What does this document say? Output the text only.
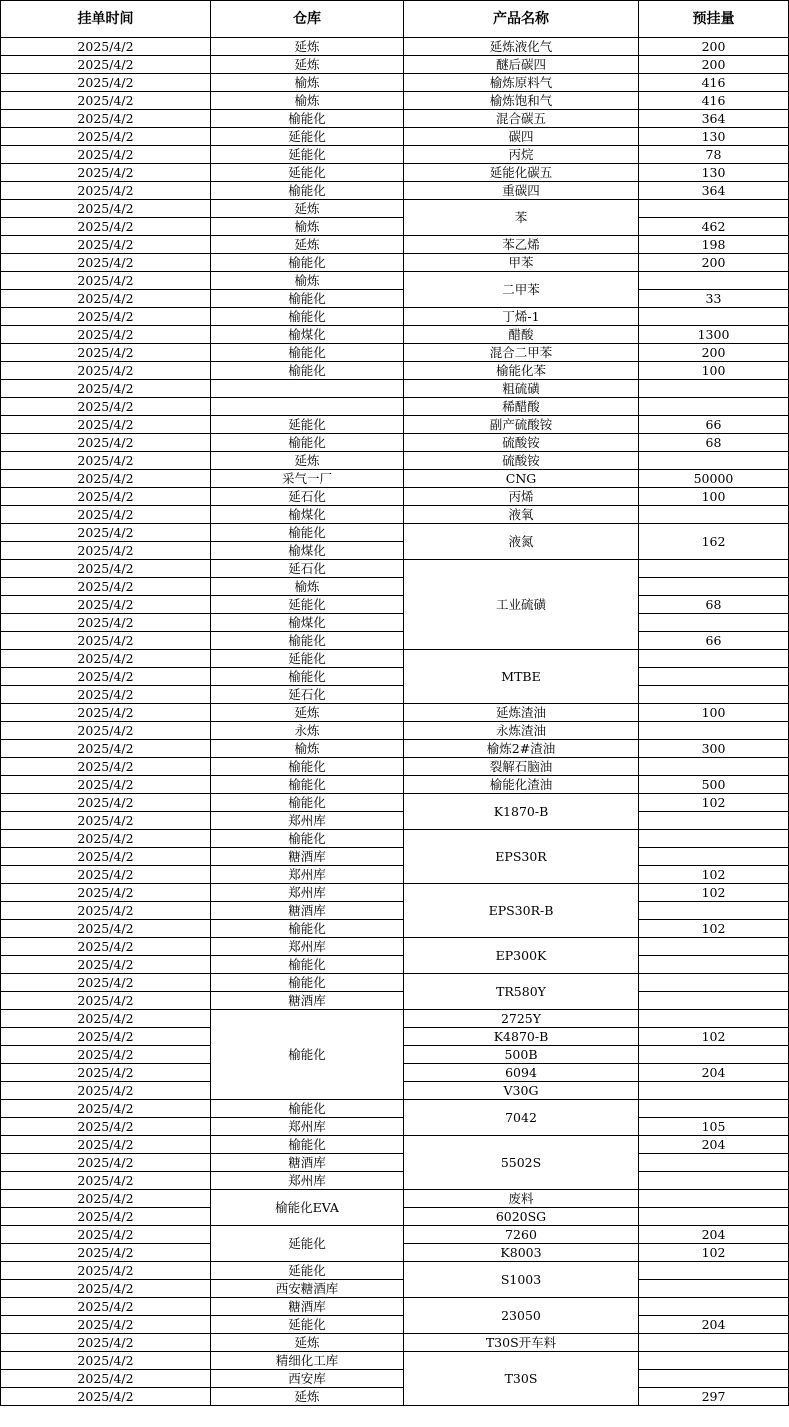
挂单时间	仓库	产品名称	预挂量
2025/4/2	延炼	延炼液化气	200
2025/4/2	延炼	醚后碳四	200
2025/4/2	榆炼	榆炼原料气	416
2025/4/2	榆炼	榆炼饱和气	416
2025/4/2	榆能化	混合碳五	364
2025/4/2	延能化	碳四	130
2025/4/2	延能化	丙烷	78
2025/4/2	延能化	延能化碳五	130
2025/4/2	榆能化	重碳四	364
2025/4/2	延炼	苯	
2025/4/2	榆炼		462
2025/4/2	延炼	苯乙烯	198
2025/4/2	榆能化	甲苯	200
2025/4/2	榆炼	二甲苯	
2025/4/2	榆能化		33
2025/4/2	榆能化	丁烯-1	
2025/4/2	榆煤化	醋酸	1300
2025/4/2	榆能化	混合二甲苯	200
2025/4/2	榆能化	榆能化苯	100
2025/4/2		粗硫磺	
2025/4/2		稀醋酸	
2025/4/2	延能化	副产硫酸铵	66
2025/4/2	榆能化	硫酸铵	68
2025/4/2	延炼	硫酸铵	
2025/4/2	采气一厂	CNG	50000
2025/4/2	延石化	丙烯	100
2025/4/2	榆煤化	液氧	
2025/4/2	榆能化	液氮	162
2025/4/2	榆煤化		
2025/4/2	延石化	工业硫磺	
2025/4/2	榆炼		
2025/4/2	延能化		68
2025/4/2	榆煤化		
2025/4/2	榆能化		66
2025/4/2	延能化	MTBE	
2025/4/2	榆能化		
2025/4/2	延石化		
2025/4/2	延炼	延炼渣油	100
2025/4/2	永炼	永炼渣油	
2025/4/2	榆炼	榆炼2#渣油	300
2025/4/2	榆能化	裂解石脑油	
2025/4/2	榆能化	榆能化渣油	500
2025/4/2	榆能化	K1870-B	102
2025/4/2	郑州库		
2025/4/2	榆能化	EPS30R	
2025/4/2	糖酒库		
2025/4/2	郑州库		102
2025/4/2	郑州库	EPS30R-B	102
2025/4/2	糖酒库		
2025/4/2	榆能化		102
2025/4/2	郑州库	EP300K	
2025/4/2	榆能化		
2025/4/2	榆能化	TR580Y	
2025/4/2	糖酒库		
2025/4/2	榆能化	2725Y	
2025/4/2		K4870-B	102
2025/4/2		500B	
2025/4/2		6094	204
2025/4/2		V30G	
2025/4/2	榆能化	7042	
2025/4/2	郑州库		105
2025/4/2	榆能化	5502S	204
2025/4/2	糖酒库		
2025/4/2	郑州库		
2025/4/2	榆能化EVA	废料	
2025/4/2		6020SG	
2025/4/2	延能化	7260	204
2025/4/2		K8003	102
2025/4/2	延能化	S1003	
2025/4/2	西安糖酒库		
2025/4/2	糖酒库	23050	
2025/4/2	延能化		204
2025/4/2	延炼	T30S开车料	
2025/4/2	精细化工库	T30S	
2025/4/2	西安库		
2025/4/2	延炼		297
